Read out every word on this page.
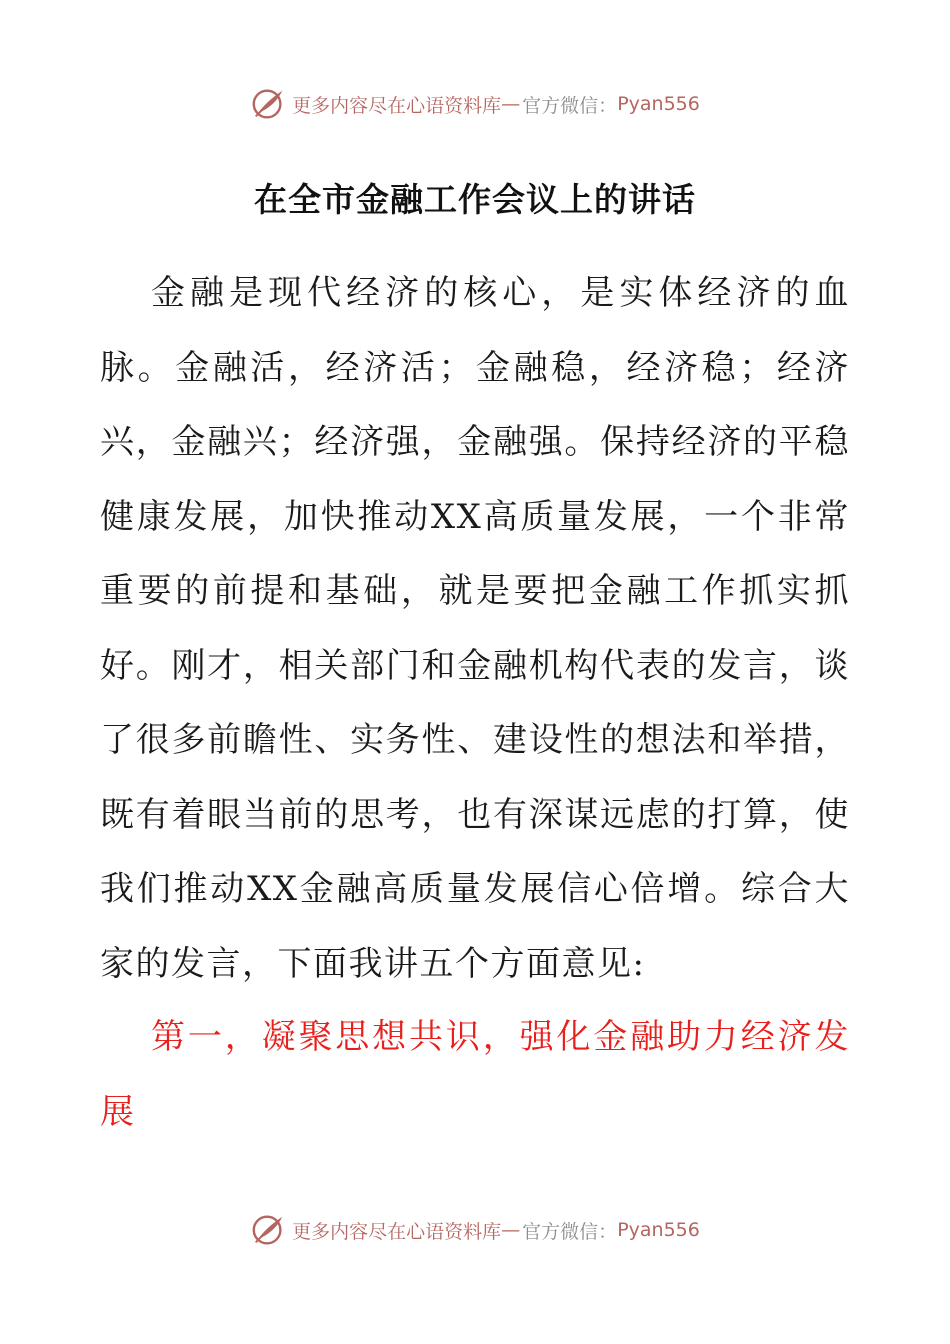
更多内容尽在心语资料库 — 官方微信： Pyan556
在全市金融工作会议上的讲话

金融是现代经济的核心，是实体经济的血脉。金融活，经济活；金融稳，经济稳；经济兴，金融兴；经济强，金融强。保持经济的平稳健康发展，加快推动XX高质量发展，一个非常重要的前提和基础，就是要把金融工作抓实抓好。刚才，相关部门和金融机构代表的发言，谈了很多前瞻性、实务性、建设性的想法和举措，既有着眼当前的思考，也有深谋远虑的打算，使我们推动XX金融高质量发展信心倍增。综合大家的发言，下面我讲五个方面意见:

第一，凝聚思想共识，强化金融助力经济发展

更多内容尽在心语资料库 — 官方微信： Pyan556
